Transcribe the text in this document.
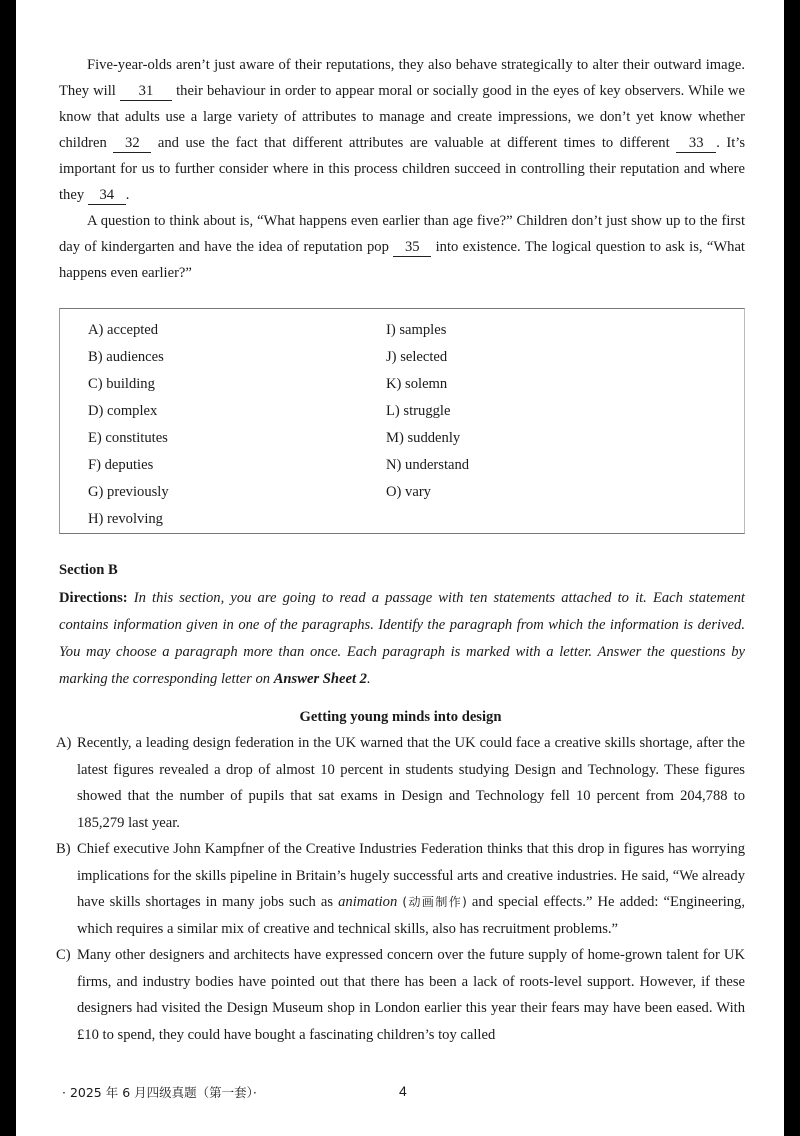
Five-year-olds aren’t just aware of their reputations, they also behave strategically to alter their outward image. They will 31 their behaviour in order to appear moral or socially good in the eyes of key observers. While we know that adults use a large variety of attributes to manage and create impressions, we don’t yet know whether children 32 and use the fact that different attributes are valuable at different times to different 33 . It’s important for us to further consider where in this process children succeed in controlling their reputation and where they 34 .

A question to think about is, “What happens even earlier than age five?” Children don’t just show up to the first day of kindergarten and have the idea of reputation pop 35 into existence. The logical question to ask is, “What happens even earlier?”

A) accepted
B) audiences
C) building
D) complex
E) constitutes
F) deputies
G) previously
H) revolving
I) samples
J) selected
K) solemn
L) struggle
M) suddenly
N) understand
O) vary

Section B

Directions: In this section, you are going to read a passage with ten statements attached to it. Each statement contains information given in one of the paragraphs. Identify the paragraph from which the information is derived. You may choose a paragraph more than once. Each paragraph is marked with a letter. Answer the questions by marking the corresponding letter on Answer Sheet 2.

Getting young minds into design

A) Recently, a leading design federation in the UK warned that the UK could face a creative skills shortage, after the latest figures revealed a drop of almost 10 percent in students studying Design and Technology. These figures showed that the number of pupils that sat exams in Design and Technology fell 10 percent from 204,788 to 185,279 last year.

B) Chief executive John Kampfner of the Creative Industries Federation thinks that this drop in figures has worrying implications for the skills pipeline in Britain’s hugely successful arts and creative industries. He said, “We already have skills shortages in many jobs such as animation (动画制作) and special effects.” He added: “Engineering, which requires a similar mix of creative and technical skills, also has recruitment problems.”

C) Many other designers and architects have expressed concern over the future supply of home-grown talent for UK firms, and industry bodies have pointed out that there has been a lack of roots-level support. However, if these designers had visited the Design Museum shop in London earlier this year their fears may have been eased. With £10 to spend, they could have bought a fascinating children’s toy called

· 2025 年 6 月四级真题（第一套）·	4
